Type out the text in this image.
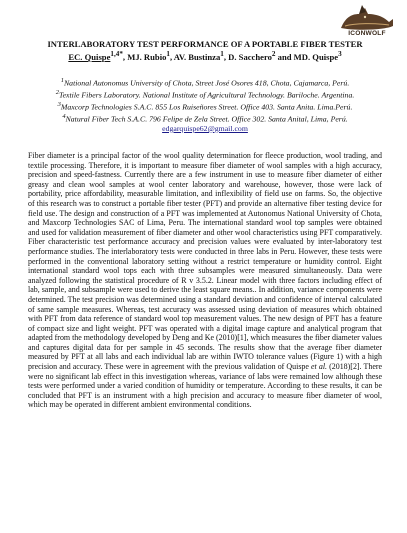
ICONWOLF

INTERLABORATORY TEST PERFORMANCE OF A PORTABLE FIBER TESTER

EC. Quispe$^{1,4*}$, MJ. Rubio$^1$, AV. Bustinza$^1$, D. Sacchero$^2$ and MD. Quispe$^3$

$^1$National Autonomus University of Chota, Street José Osores 418, Chota, Cajamarca, Perú.

$^2$Textile Fibers Laboratory. National Institute of Agricultural Technology. Bariloche. Argentina.

$^3$Maxcorp Technologies S.A.C. 855 Los Ruiseñores Street. Office 403. Santa Anita. Lima.Perú.

$^4$Natural Fiber Tech S.A.C. 796 Felipe de Zela Street. Office 302. Santa Anital, Lima, Perú.

edgarquispe62@gmail.com

Fiber diameter is a principal factor of the wool quality determination for fleece production, wool trading, and textile processing. Therefore, it is important to measure fiber diameter of wool samples with a high accuracy, precision and speed-fastness. Currently there are a few instrument in use to measure fiber diameter of either greasy and clean wool samples at wool center laboratory and warehouse, however, those were lack of portability, price affordability, measurable limitation, and inflexibility of field use on farms. So, the objective of this research was to construct a portable fiber tester (PFT) and provide an alternative fiber testing device for field use. The design and construction of a PFT was implemented at Autonomus National University of Chota, and Maxcorp Technologies SAC of Lima, Peru. The international standard wool top samples were obtained and used for validation measurement of fiber diameter and other wool characteristics using PFT comparatively. Fiber characteristic test performance accuracy and precision values were evaluated by inter-laboratory test performance studies. The interlaboratory tests were conducted in three labs in Peru. However, these tests were performed in the conventional laboratory setting without a restrict temperature or humidity control. Eight international standard wool tops each with three subsamples were measured simultaneously. Data were analyzed following the statistical procedure of R v 3.5.2. Linear model with three factors including effect of lab, sample, and subsample were used to derive the least square means.. In addition, variance components were determined. The test precision was determined using a standard deviation and confidence of interval calculated of same sample measures. Whereas, test accuracy was assessed using deviation of measures which obtained with PFT from data reference of standard wool top measurement values. The new design of PFT has a feature of compact size and light weight. PFT was operated with a digital image capture and analytical program that adapted from the methodology developed by Deng and Ke (2010)[1], which measures the fiber diameter values and captures digital data for per sample in 45 seconds. The results show that the average fiber diameter measured by PFT at all labs and each individual lab are within IWTO tolerance values (Figure 1) with a high precision and accuracy. These were in agreement with the previous validation of Quispe et al. (2018)[2]. There were no significant lab effect in this investigation whereas, variance of labs were remained low although these tests were performed under a varied condition of humidity or temperature. According to these results, it can be concluded that PFT is an instrument with a high precision and accuracy to measure fiber diameter of wool, which may be operated in different ambient environmental conditions.
